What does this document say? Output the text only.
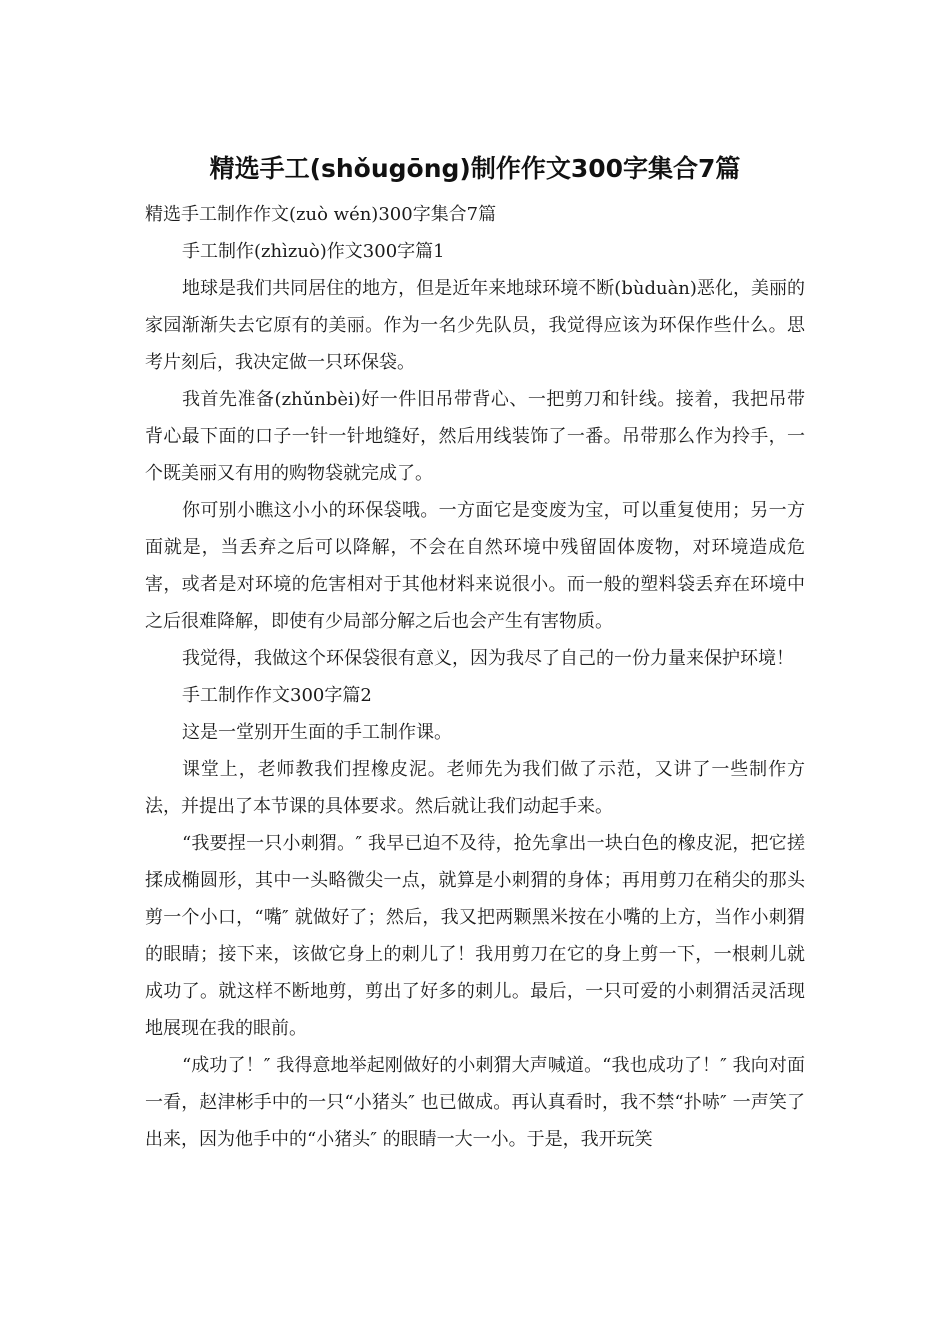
精选手工(shǒugōng)制作作文300字集合7篇

精选手工制作作文(zuò wén)300字集合7篇

手工制作(zhìzuò)作文300字篇1

地球是我们共同居住的地方，但是近年来地球环境不断(bùduàn)恶化，美丽的家园渐渐失去它原有的美丽。作为一名少先队员，我觉得应该为环保作些什么。思考片刻后，我决定做一只环保袋。

我首先准备(zhǔnbèi)好一件旧吊带背心、一把剪刀和针线。接着，我把吊带背心最下面的口子一针一针地缝好，然后用线装饰了一番。吊带那么作为拎手，一个既美丽又有用的购物袋就完成了。

你可别小瞧这小小的环保袋哦。一方面它是变废为宝，可以重复使用；另一方面就是，当丢弃之后可以降解，不会在自然环境中残留固体废物，对环境造成危害，或者是对环境的危害相对于其他材料来说很小。而一般的塑料袋丢弃在环境中之后很难降解，即使有少局部分解之后也会产生有害物质。

我觉得，我做这个环保袋很有意义，因为我尽了自己的一份力量来保护环境！

手工制作作文300字篇2

这是一堂别开生面的手工制作课。

课堂上，老师教我们捏橡皮泥。老师先为我们做了示范，又讲了一些制作方法，并提出了本节课的具体要求。然后就让我们动起手来。

“我要捏一只小刺猬。″ 我早已迫不及待，抢先拿出一块白色的橡皮泥，把它搓揉成椭圆形，其中一头略微尖一点，就算是小刺猬的身体；再用剪刀在稍尖的那头剪一个小口，“嘴″ 就做好了；然后，我又把两颗黑米按在小嘴的上方，当作小刺猬的眼睛；接下来，该做它身上的刺儿了！我用剪刀在它的身上剪一下，一根刺儿就成功了。就这样不断地剪，剪出了好多的刺儿。最后，一只可爱的小刺猬活灵活现地展现在我的眼前。

“成功了！″ 我得意地举起刚做好的小刺猬大声喊道。“我也成功了！″ 我向对面一看，赵津彬手中的一只“小猪头″ 也已做成。再认真看时，我不禁“扑哧″ 一声笑了出来，因为他手中的“小猪头″ 的眼睛一大一小。于是，我开玩笑
